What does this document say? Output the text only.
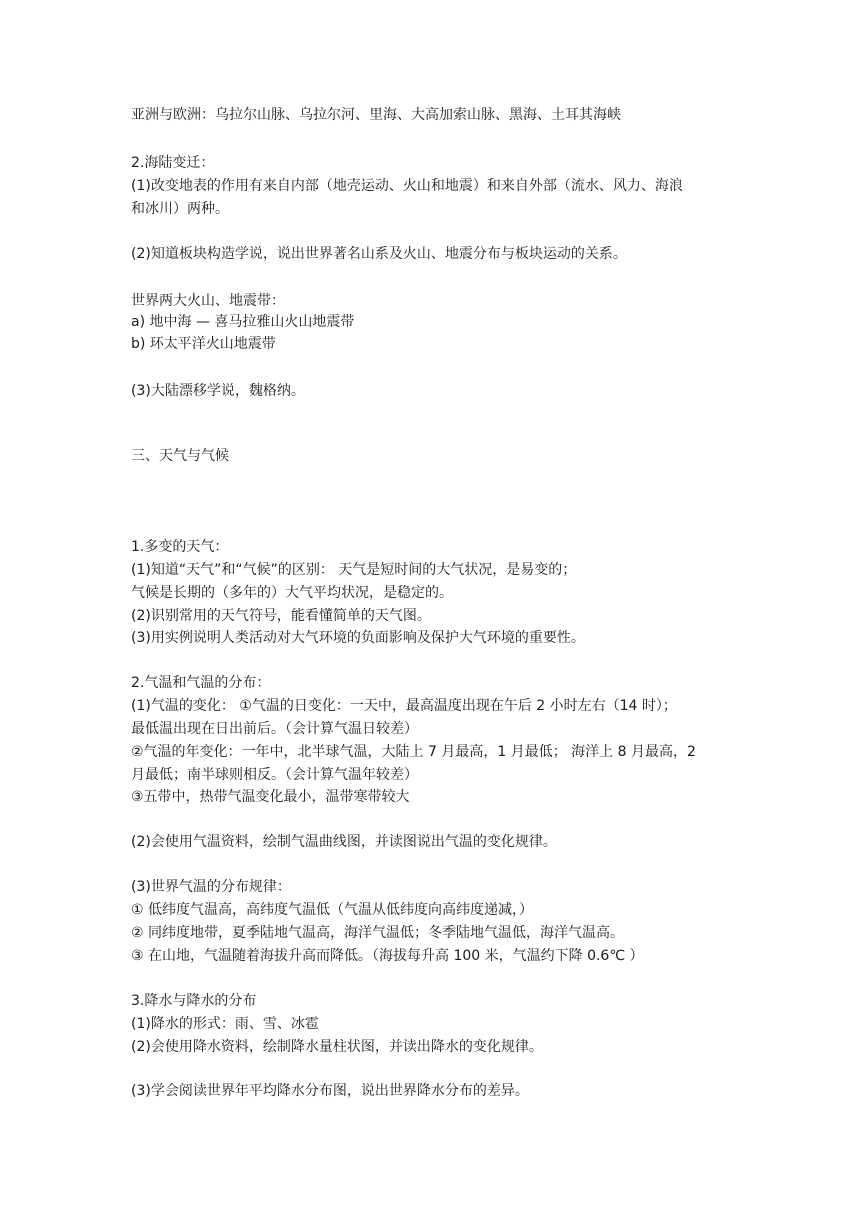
亚洲与欧洲：乌拉尔山脉、乌拉尔河、里海、大高加索山脉、黑海、土耳其海峡
2.海陆变迁：
(1)改变地表的作用有来自内部（地壳运动、火山和地震）和来自外部（流水、风力、海浪
和冰川）两种。
(2)知道板块构造学说，说出世界著名山系及火山、地震分布与板块运动的关系。
世界两大火山、地震带：
a) 地中海 — 喜马拉雅山火山地震带
b) 环太平洋火山地震带
(3)大陆漂移学说，魏格纳。
三、天气与气候
1.多变的天气：
(1)知道“天气”和“气候”的区别： 天气是短时间的大气状况，是易变的；
气候是长期的（多年的）大气平均状况，是稳定的。
(2)识别常用的天气符号，能看懂简单的天气图。
(3)用实例说明人类活动对大气环境的负面影响及保护大气环境的重要性。
2.气温和气温的分布：
(1)气温的变化： ①气温的日变化：一天中，最高温度出现在午后 2 小时左右（14 时）；
最低温出现在日出前后。（会计算气温日较差）
②气温的年变化：一年中，北半球气温，大陆上 7 月最高，1 月最低； 海洋上 8 月最高，2
月最低；南半球则相反。（会计算气温年较差）
③五带中，热带气温变化最小，温带寒带较大
(2)会使用气温资料，绘制气温曲线图，并读图说出气温的变化规律。
(3)世界气温的分布规律：
① 低纬度气温高，高纬度气温低（气温从低纬度向高纬度递减，）
② 同纬度地带，夏季陆地气温高，海洋气温低；冬季陆地气温低，海洋气温高。
③ 在山地，气温随着海拔升高而降低。（海拔每升高 100 米，气温约下降 0.6℃ ）
3.降水与降水的分布
(1)降水的形式：雨、雪、冰雹
(2)会使用降水资料，绘制降水量柱状图，并读出降水的变化规律。
(3)学会阅读世界年平均降水分布图，说出世界降水分布的差异。
